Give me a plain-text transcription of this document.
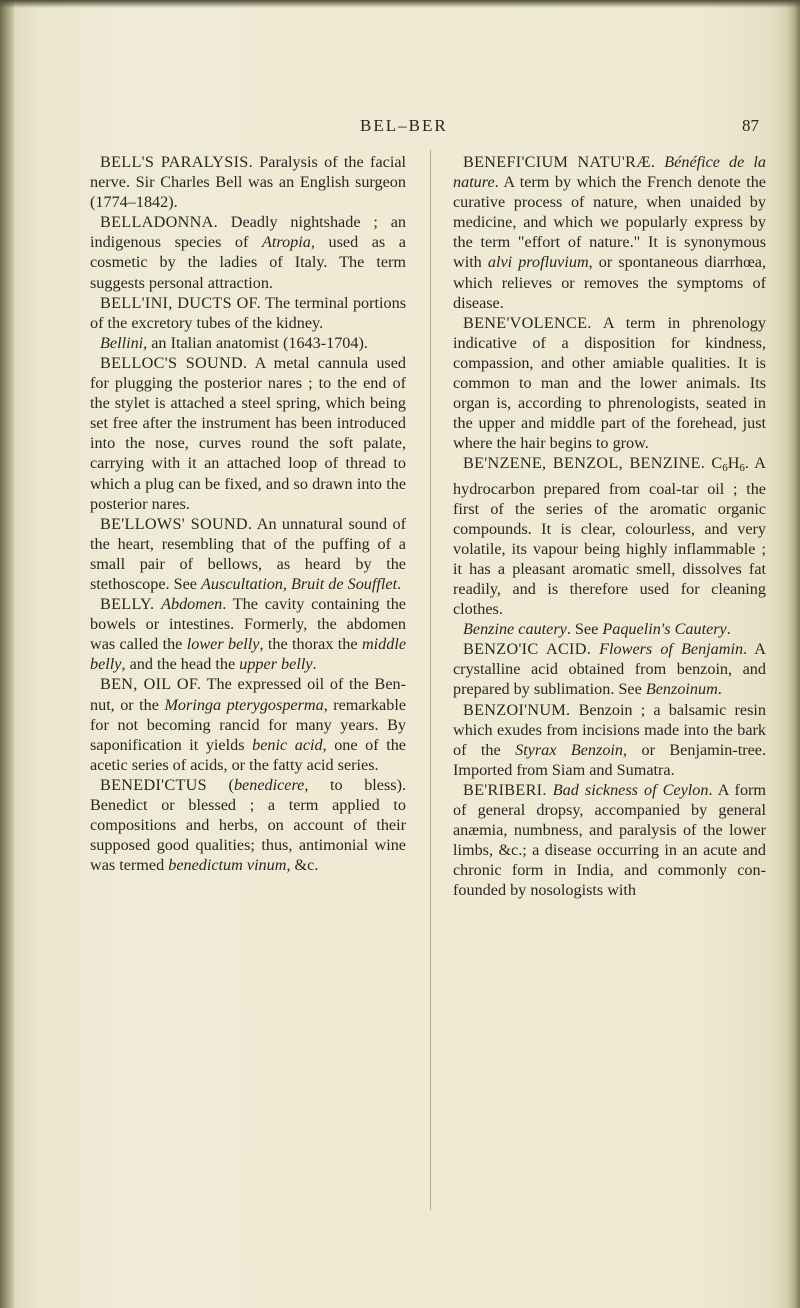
BEL–BER	87

BELL'S PARALYSIS. Paralysis of the facial nerve. Sir Charles Bell was an English surgeon (1774–1842).

BELLADONNA. Deadly nightshade ; an indigenous species of Atropia, used as a cosmetic by the ladies of Italy. The term suggests personal attraction.

BELL'INI, DUCTS OF. The terminal portions of the excretory tubes of the kidney.

Bellini, an Italian anatomist (1643-1704).

BELLOC'S SOUND. A metal cannula used for plugging the posterior nares ; to the end of the stylet is attached a steel spring, which being set free after the instrument has been introduced into the nose, curves round the soft palate, carrying with it an attached loop of thread to which a plug can be fixed, and so drawn into the posterior nares.

BE'LLOWS' SOUND. An unnatural sound of the heart, resembling that of the puffing of a small pair of bellows, as heard by the stethoscope. See Auscultation, Bruit de Soufflet.

BELLY. Abdomen. The cavity containing the bowels or intestines. Formerly, the abdomen was called the lower belly, the thorax the middle belly, and the head the upper belly.

BEN, OIL OF. The expressed oil of the Ben-nut, or the Moringa pterygosperma, remarkable for not becoming rancid for many years. By saponification it yields benic acid, one of the acetic series of acids, or the fatty acid series.

BENEDI'CTUS (benedicere, to bless). Benedict or blessed ; a term applied to compositions and herbs, on account of their supposed good qualities; thus, antimonial wine was termed benedictum vinum, &c.

BENEFI'CIUM NATU'RÆ. Bénéfice de la nature. A term by which the French denote the curative process of nature, when unaided by medicine, and which we popularly express by the term "effort of nature." It is synonymous with alvi profluvium, or spontaneous diarrhœa, which relieves or removes the symptoms of disease.

BENE'VOLENCE. A term in phrenology indicative of a disposition for kindness, compassion, and other amiable qualities. It is common to man and the lower animals. Its organ is, according to phrenologists, seated in the upper and middle part of the forehead, just where the hair begins to grow.

BE'NZENE, BENZOL, BENZINE. $C_6H_6$. A hydrocarbon prepared from coal-tar oil ; the first of the series of the aromatic organic compounds. It is clear, colourless, and very volatile, its vapour being highly inflammable ; it has a pleasant aromatic smell, dissolves fat readily, and is therefore used for cleaning clothes.

Benzine cautery. See Paquelin's Cautery.

BENZO'IC ACID. Flowers of Benjamin. A crystalline acid obtained from benzoin, and prepared by sublimation. See Benzoinum.

BENZOI'NUM. Benzoin ; a balsamic resin which exudes from incisions made into the bark of the Styrax Benzoin, or Benjamin-tree. Imported from Siam and Sumatra.

BE'RIBERI. Bad sickness of Ceylon. A form of general dropsy, accompanied by general anæmia, numbness, and paralysis of the lower limbs, &c.; a disease occurring in an acute and chronic form in India, and commonly confounded by nosologists with
